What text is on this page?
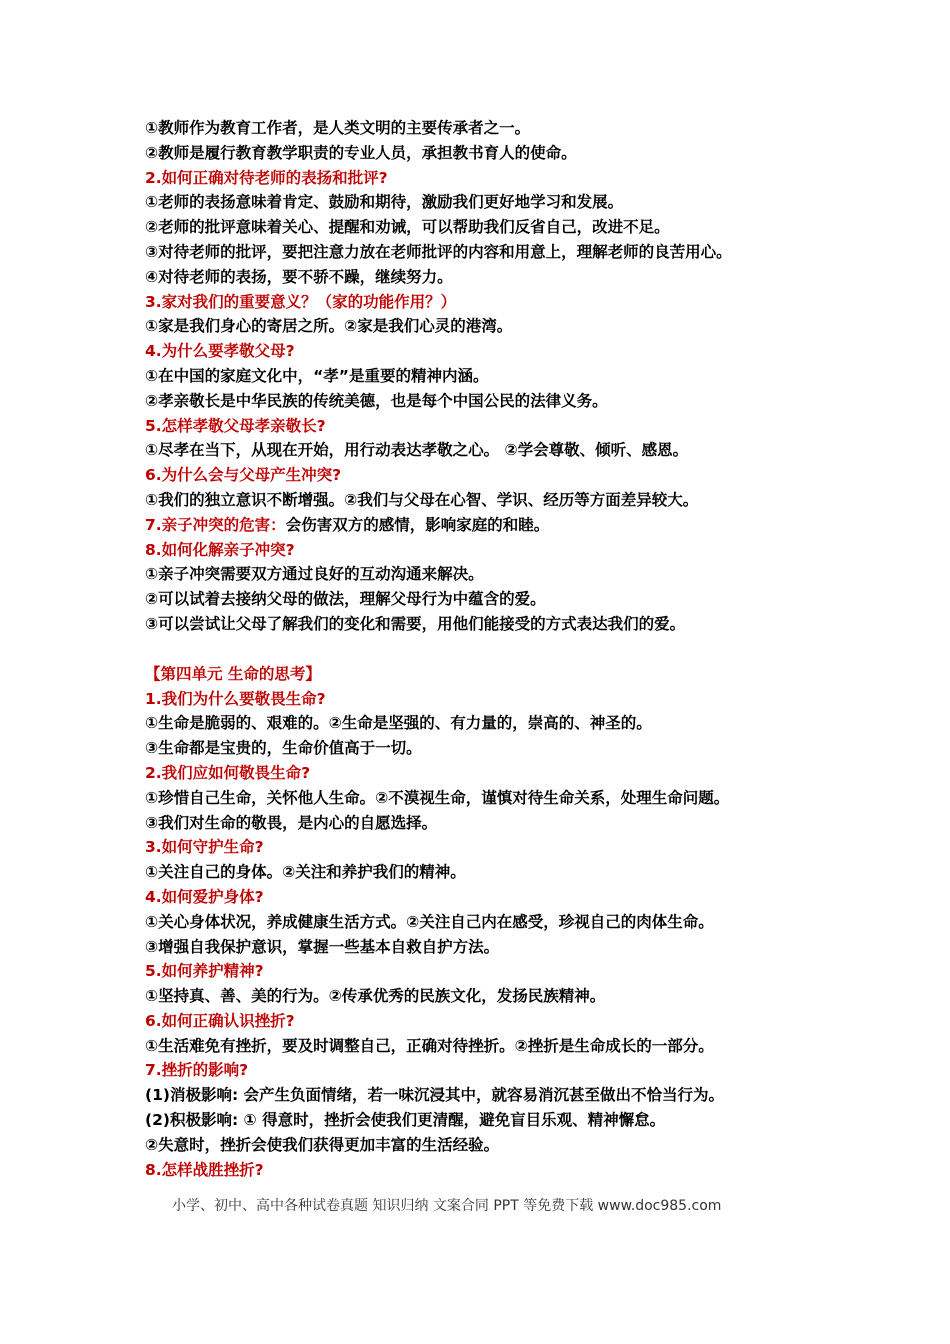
①教师作为教育工作者，是人类文明的主要传承者之一。
②教师是履行教育教学职责的专业人员，承担教书育人的使命。
2.如何正确对待老师的表扬和批评?
①老师的表扬意味着肯定、鼓励和期待，激励我们更好地学习和发展。
②老师的批评意味着关心、提醒和劝诫，可以帮助我们反省自己，改进不足。
③对待老师的批评，要把注意力放在老师批评的内容和用意上，理解老师的良苦用心。
④对待老师的表扬，要不骄不躁，继续努力。
3.家对我们的重要意义？（家的功能作用？）
①家是我们身心的寄居之所。②家是我们心灵的港湾。
4.为什么要孝敬父母?
①在中国的家庭文化中，“孝”是重要的精神内涵。
②孝亲敬长是中华民族的传统美德，也是每个中国公民的法律义务。
5.怎样孝敬父母孝亲敬长?
①尽孝在当下，从现在开始，用行动表达孝敬之心。 ②学会尊敬、倾听、感恩。
6.为什么会与父母产生冲突?
①我们的独立意识不断增强。②我们与父母在心智、学识、经历等方面差异较大。
7.亲子冲突的危害：会伤害双方的感情，影响家庭的和睦。
8.如何化解亲子冲突?
①亲子冲突需要双方通过良好的互动沟通来解决。
②可以试着去接纳父母的做法，理解父母行为中蕴含的爱。
③可以尝试让父母了解我们的变化和需要，用他们能接受的方式表达我们的爱。
【第四单元 生命的思考】
1.我们为什么要敬畏生命?
①生命是脆弱的、艰难的。②生命是坚强的、有力量的，崇高的、神圣的。
③生命都是宝贵的，生命价值高于一切。
2.我们应如何敬畏生命?
①珍惜自己生命，关怀他人生命。②不漠视生命，谨慎对待生命关系，处理生命问题。
③我们对生命的敬畏，是内心的自愿选择。
3.如何守护生命?
①关注自己的身体。②关注和养护我们的精神。
4.如何爱护身体?
①关心身体状况，养成健康生活方式。②关注自己内在感受，珍视自己的肉体生命。
③增强自我保护意识，掌握一些基本自救自护方法。
5.如何养护精神?
①坚持真、善、美的行为。②传承优秀的民族文化，发扬民族精神。
6.如何正确认识挫折?
①生活难免有挫折，要及时调整自己，正确对待挫折。②挫折是生命成长的一部分。
7.挫折的影响?
(1)消极影响: 会产生负面情绪，若一味沉浸其中，就容易消沉甚至做出不恰当行为。
(2)积极影响: ① 得意时，挫折会使我们更清醒，避免盲目乐观、精神懈怠。
②失意时，挫折会使我们获得更加丰富的生活经验。
8.怎样战胜挫折?
小学、初中、高中各种试卷真题 知识归纳 文案合同 PPT 等免费下载 www.doc985.com
